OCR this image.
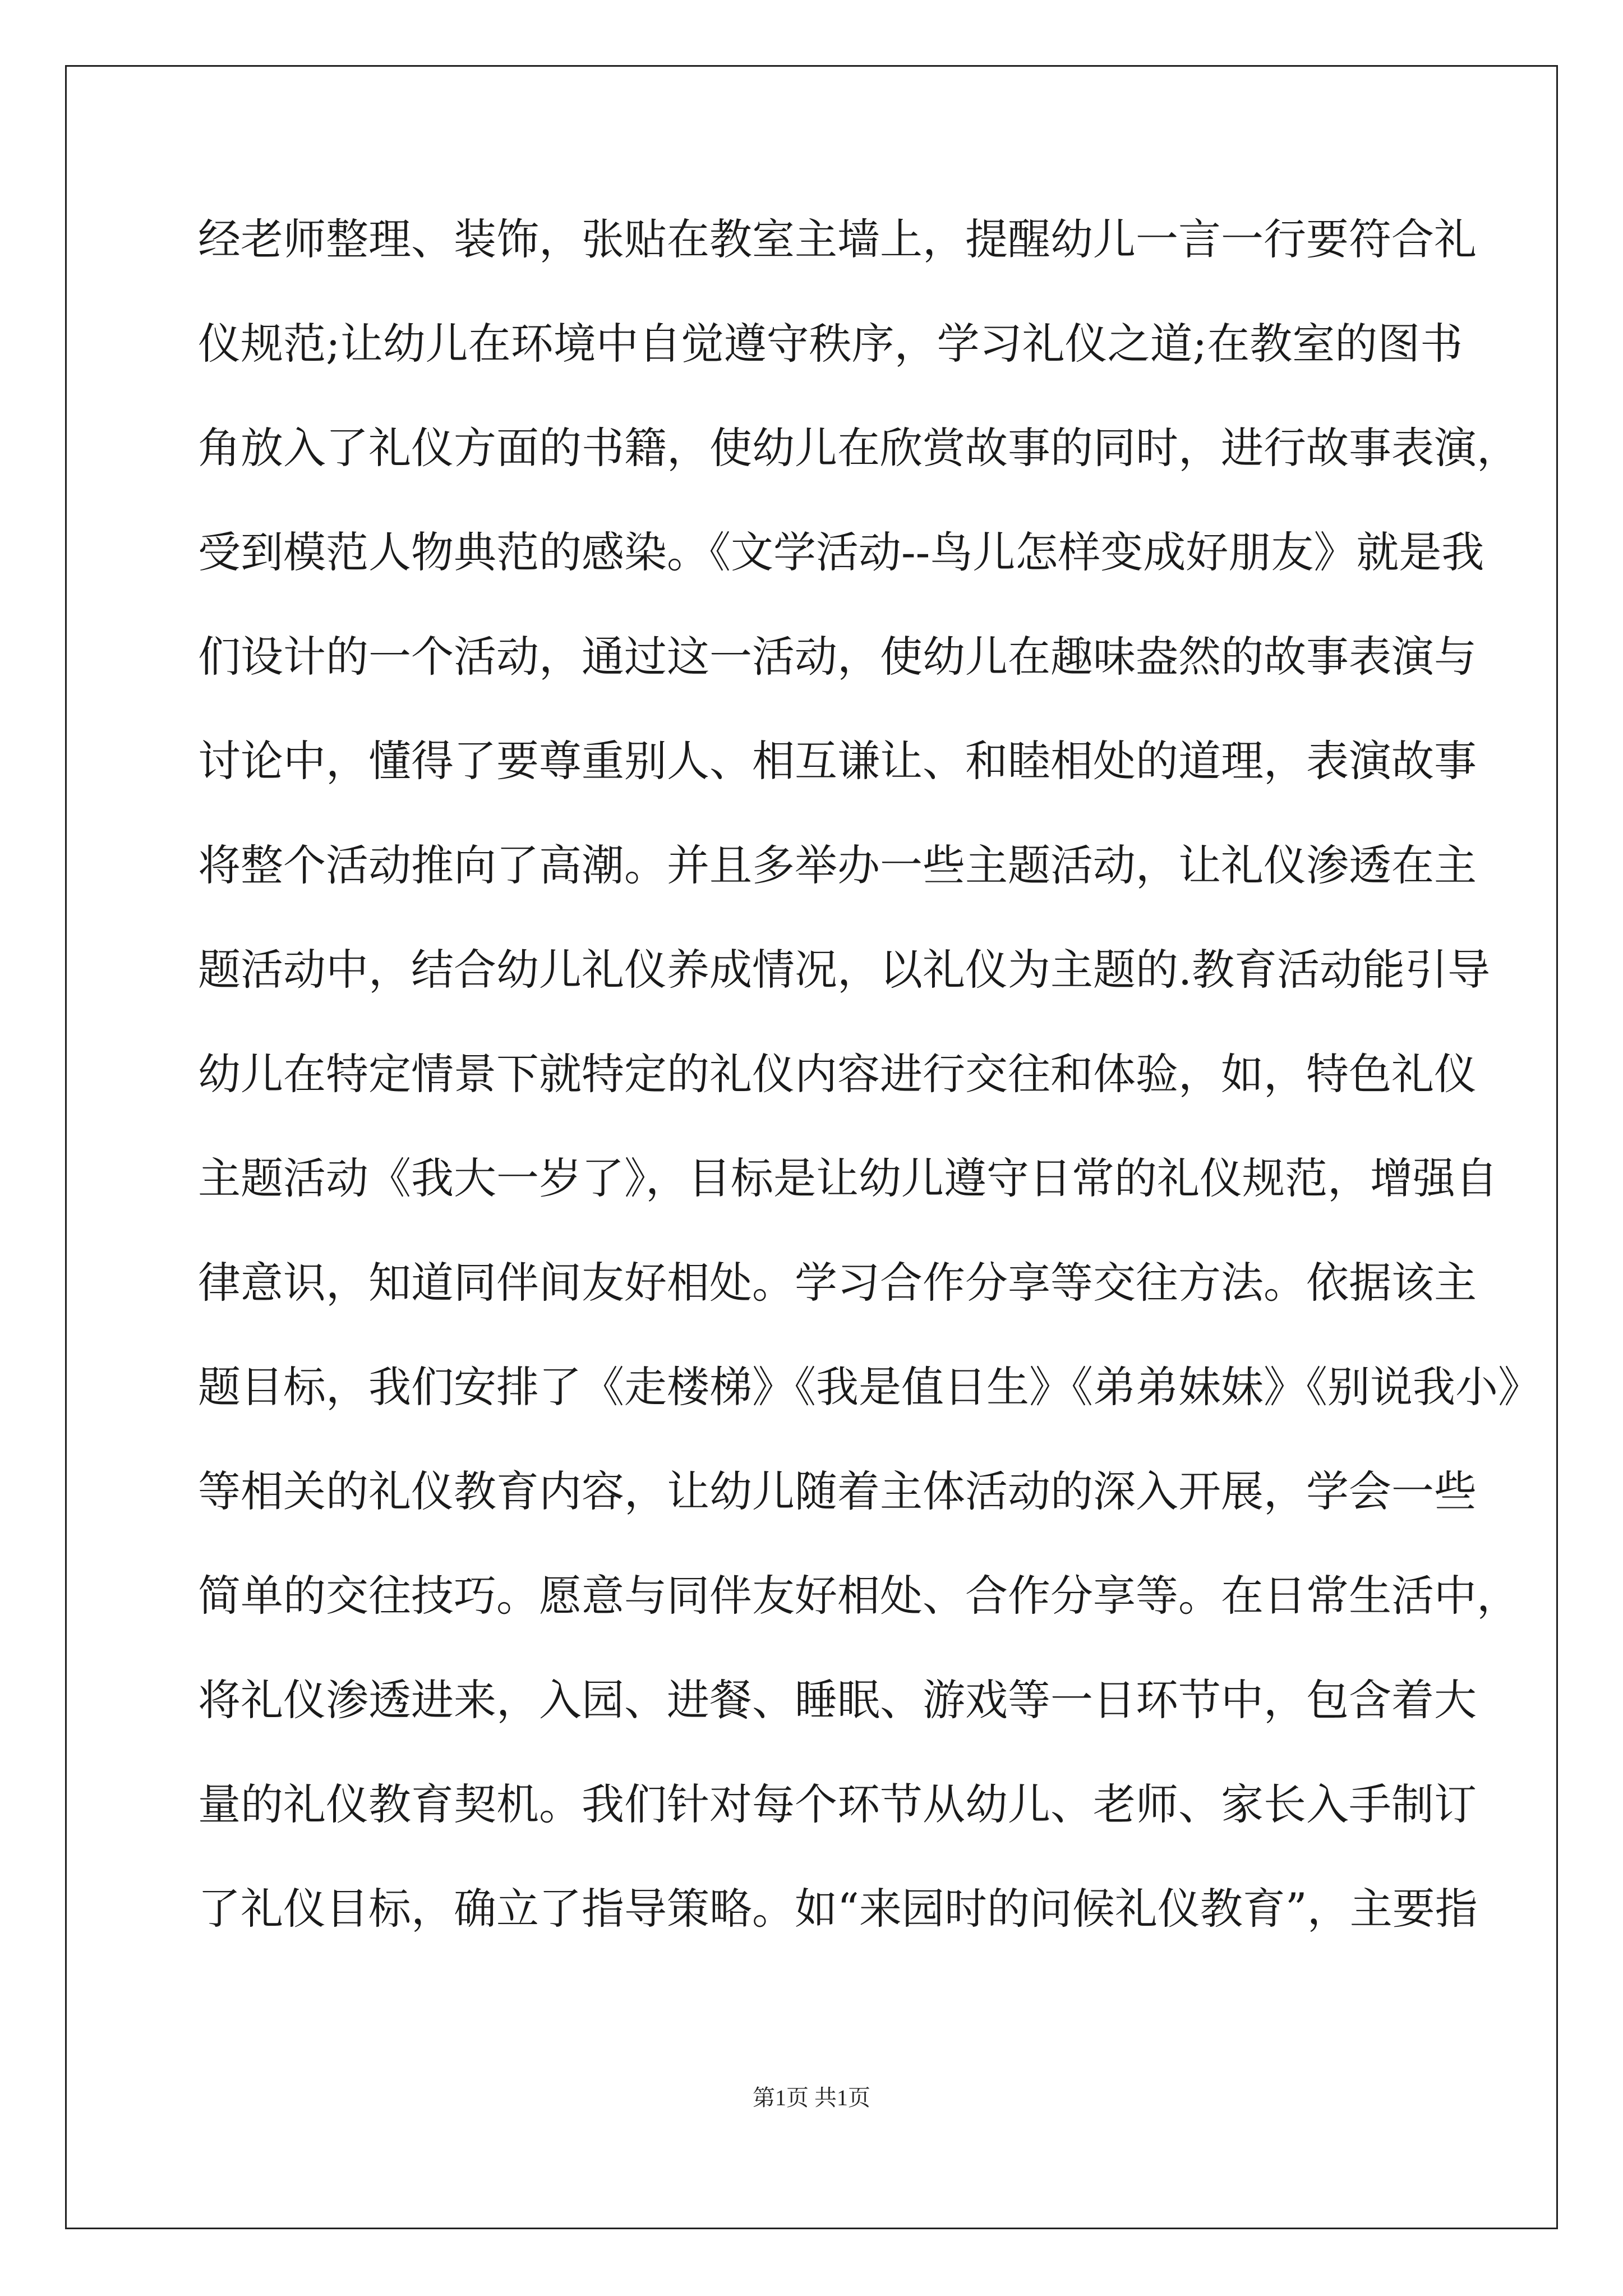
经老师整理、装饰，张贴在教室主墙上，提醒幼儿一言一行要符合礼
仪规范;让幼儿在环境中自觉遵守秩序，学习礼仪之道;在教室的图书
角放入了礼仪方面的书籍，使幼儿在欣赏故事的同时，进行故事表演，
受到模范人物典范的感染。《文学活动--鸟儿怎样变成好朋友》就是我
们设计的一个活动，通过这一活动，使幼儿在趣味盎然的故事表演与
讨论中，懂得了要尊重别人、相互谦让、和睦相处的道理，表演故事
将整个活动推向了高潮。并且多举办一些主题活动，让礼仪渗透在主
题活动中，结合幼儿礼仪养成情况，以礼仪为主题的.教育活动能引导
幼儿在特定情景下就特定的礼仪内容进行交往和体验，如，特色礼仪
主题活动《我大一岁了》，目标是让幼儿遵守日常的礼仪规范，增强自
律意识，知道同伴间友好相处。学习合作分享等交往方法。依据该主
题目标，我们安排了《走楼梯》《我是值日生》《弟弟妹妹》《别说我小》
等相关的礼仪教育内容，让幼儿随着主体活动的深入开展，学会一些
简单的交往技巧。愿意与同伴友好相处、合作分享等。在日常生活中，
将礼仪渗透进来，入园、进餐、睡眠、游戏等一日环节中，包含着大
量的礼仪教育契机。我们针对每个环节从幼儿、老师、家长入手制订
了礼仪目标，确立了指导策略。如“来园时的问候礼仪教育”，主要指
第1页 共1页
